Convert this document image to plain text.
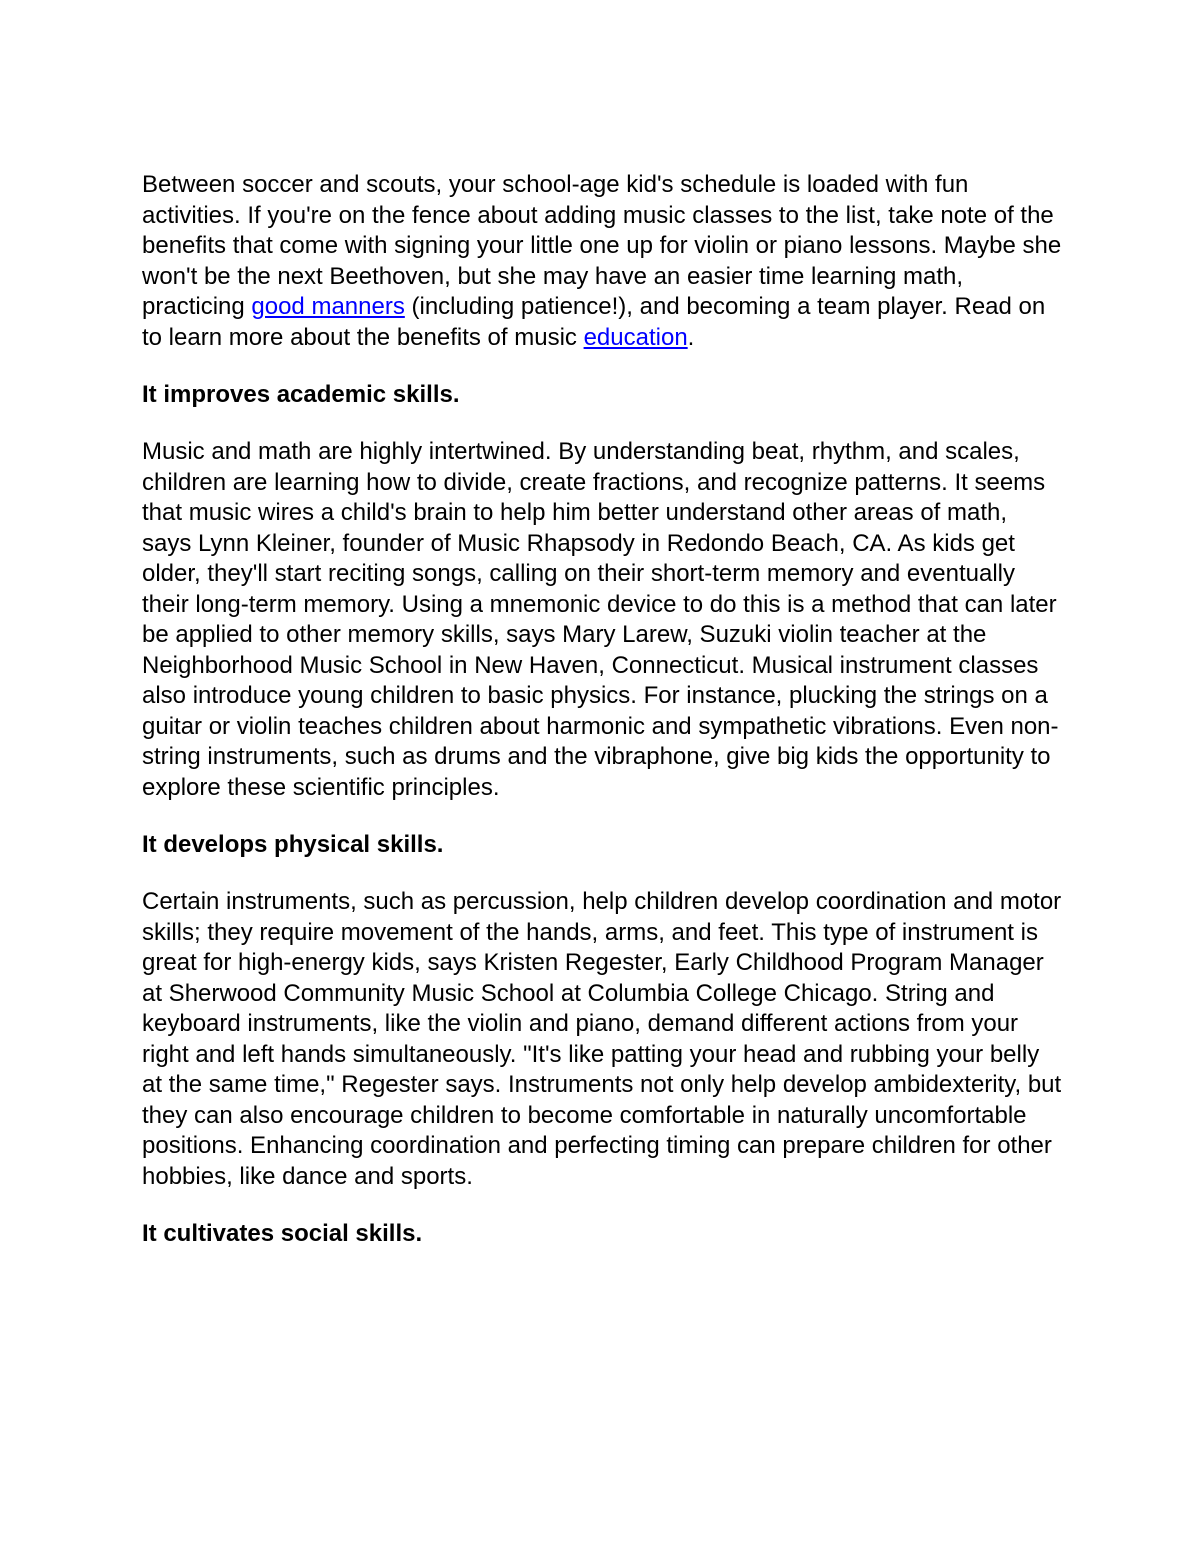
Between soccer and scouts, your school-age kid's schedule is loaded with fun activities. If you're on the fence about adding music classes to the list, take note of the benefits that come with signing your little one up for violin or piano lessons. Maybe she won't be the next Beethoven, but she may have an easier time learning math, practicing good manners (including patience!), and becoming a team player. Read on to learn more about the benefits of music education.

It improves academic skills.

Music and math are highly intertwined. By understanding beat, rhythm, and scales, children are learning how to divide, create fractions, and recognize patterns. It seems that music wires a child's brain to help him better understand other areas of math, says Lynn Kleiner, founder of Music Rhapsody in Redondo Beach, CA. As kids get older, they'll start reciting songs, calling on their short-term memory and eventually their long-term memory. Using a mnemonic device to do this is a method that can later be applied to other memory skills, says Mary Larew, Suzuki violin teacher at the Neighborhood Music School in New Haven, Connecticut. Musical instrument classes also introduce young children to basic physics. For instance, plucking the strings on a guitar or violin teaches children about harmonic and sympathetic vibrations. Even non-string instruments, such as drums and the vibraphone, give big kids the opportunity to explore these scientific principles.

It develops physical skills.

Certain instruments, such as percussion, help children develop coordination and motor skills; they require movement of the hands, arms, and feet. This type of instrument is great for high-energy kids, says Kristen Regester, Early Childhood Program Manager at Sherwood Community Music School at Columbia College Chicago. String and keyboard instruments, like the violin and piano, demand different actions from your right and left hands simultaneously. "It's like patting your head and rubbing your belly at the same time," Regester says. Instruments not only help develop ambidexterity, but they can also encourage children to become comfortable in naturally uncomfortable positions. Enhancing coordination and perfecting timing can prepare children for other hobbies, like dance and sports.

It cultivates social skills.
